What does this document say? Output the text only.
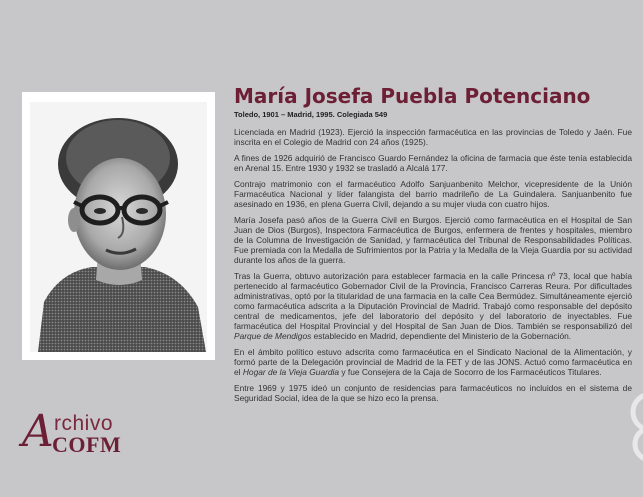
María Josefa Puebla Potenciano
Toledo, 1901 – Madrid, 1995. Colegiada 549

Licenciada en Madrid (1923). Ejerció la inspección farmacéutica en las provincias de Toledo y Jaén. Fue inscrita en el Colegio de Madrid con 24 años (1925).

A fines de 1926 adquirió de Francisco Guardo Fernández la oficina de farmacia que éste tenía establecida en Arenal 15. Entre 1930 y 1932 se trasladó a Alcalá 177.

Contrajo matrimonio con el farmacéutico Adolfo Sanjuanbenito Melchor, vicepresidente de la Unión Farmacéutica Nacional y líder falangista del barrio madrileño de La Guindalera. Sanjuanbenito fue asesinado en 1936, en plena Guerra Civil, dejando a su mujer viuda con cuatro hijos.

María Josefa pasó años de la Guerra Civil en Burgos. Ejerció como farmacéutica en el Hospital de San Juan de Dios (Burgos), Inspectora Farmacéutica de Burgos, enfermera de frentes y hospitales, miembro de la Columna de Investigación de Sanidad, y farmacéutica del Tribunal de Responsabilidades Políticas. Fue premiada con la Medalla de Sufrimientos por la Patria y la Medalla de la Vieja Guardia por su actividad durante los años de la guerra.

Tras la Guerra, obtuvo autorización para establecer farmacia en la calle Princesa nº 73, local que había pertenecido al farmacéutico Gobernador Civil de la Provincia, Francisco Carreras Reura. Por dificultades administrativas, optó por la titularidad de una farmacia en la calle Cea Bermúdez. Simultáneamente ejerció como farmacéutica adscrita a la Diputación Provincial de Madrid. Trabajó como responsable del depósito central de medicamentos, jefe del laboratorio del depósito y del laboratorio de inyectables. Fue farmacéutica del Hospital Provincial y del Hospital de San Juan de Dios. También se responsabilizó del Parque de Mendigos establecido en Madrid, dependiente del Ministerio de la Gobernación.

En el ámbito político estuvo adscrita como farmacéutica en el Sindicato Nacional de la Alimentación, y formó parte de la Delegación provincial de Madrid de la FET y de las JONS. Actuó como farmacéutica en el Hogar de la Vieja Guardia y fue Consejera de la Caja de Socorro de los Farmacéuticos Titulares.

Entre 1969 y 1975 ideó un conjunto de residencias para farmacéuticos no incluidos en el sistema de Seguridad Social, idea de la que se hizo eco la prensa.

A rchivo
COFM
